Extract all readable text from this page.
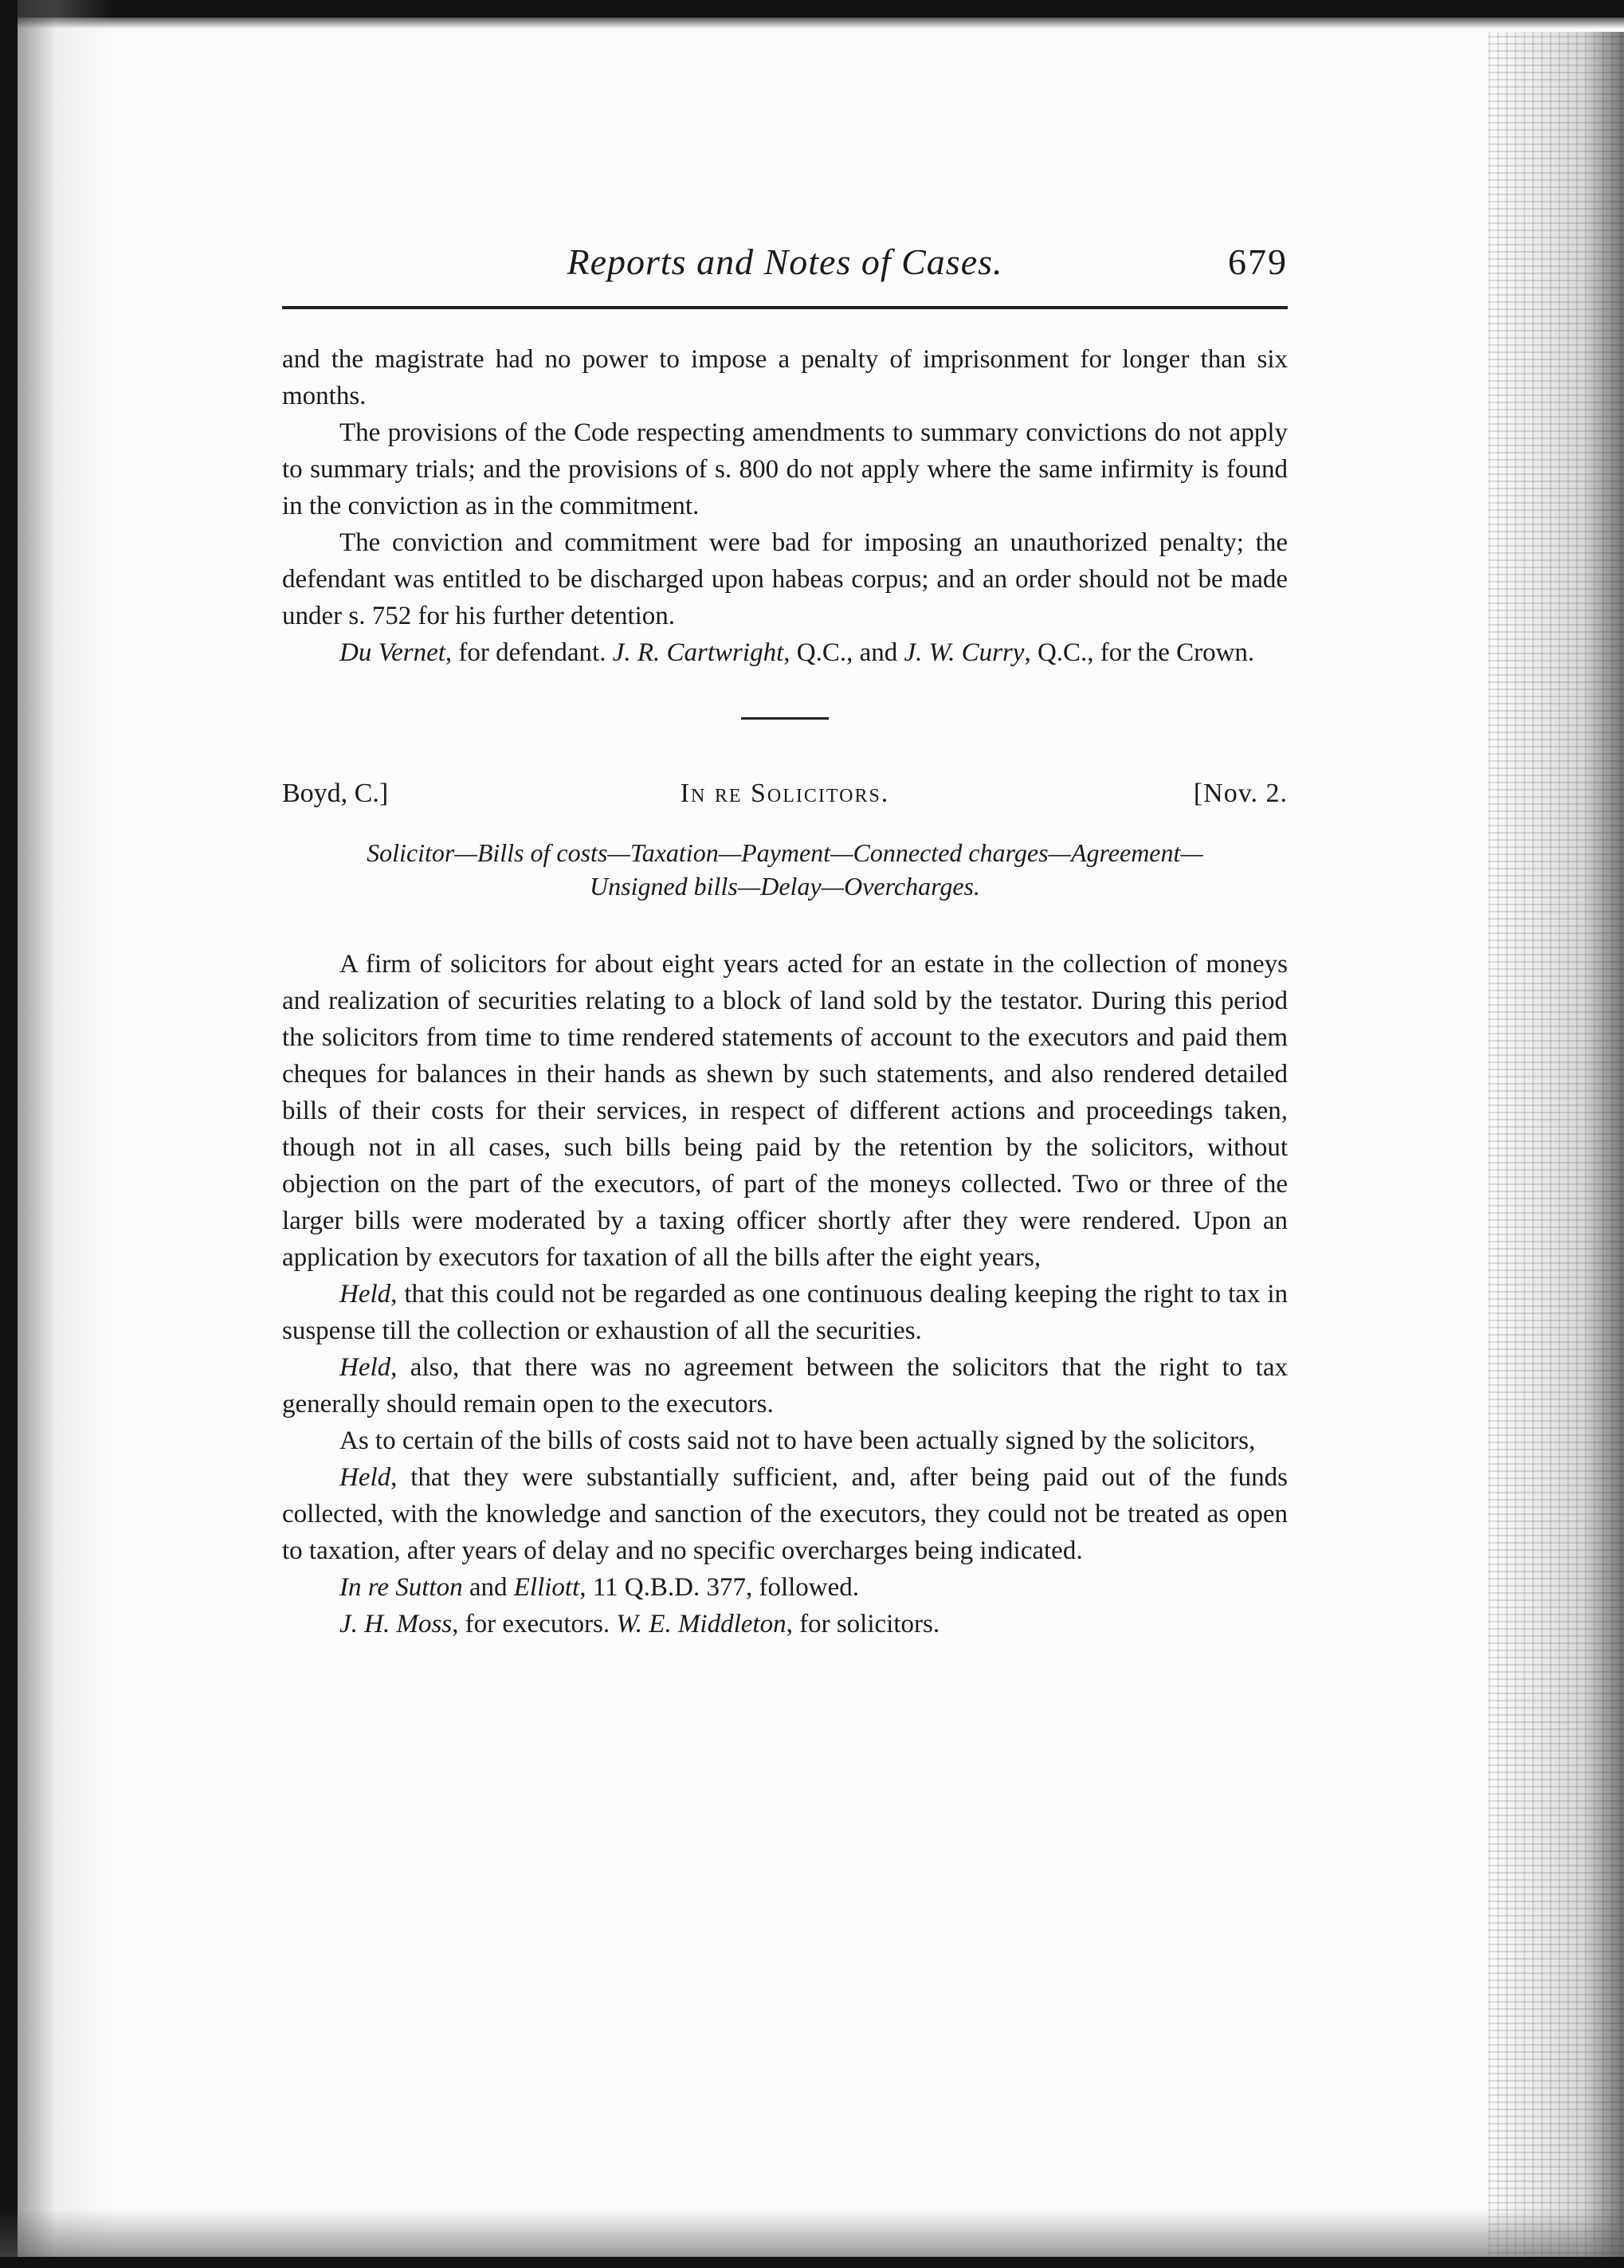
Reports and Notes of Cases.	679

and the magistrate had no power to impose a penalty of imprisonment for longer than six months.

The provisions of the Code respecting amendments to summary convictions do not apply to summary trials; and the provisions of s. 800 do not apply where the same infirmity is found in the conviction as in the commitment.

The conviction and commitment were bad for imposing an unauthorized penalty; the defendant was entitled to be discharged upon habeas corpus; and an order should not be made under s. 752 for his further detention.

Du Vernet, for defendant. J. R. Cartwright, Q.C., and J. W. Curry, Q.C., for the Crown.

Boyd, C.]	In re Solicitors.	[Nov. 2.
Solicitor—Bills of costs—Taxation—Payment—Connected charges—Agreement—
Unsigned bills—Delay—Overcharges.

A firm of solicitors for about eight years acted for an estate in the collection of moneys and realization of securities relating to a block of land sold by the testator. During this period the solicitors from time to time rendered statements of account to the executors and paid them cheques for balances in their hands as shewn by such statements, and also rendered detailed bills of their costs for their services, in respect of different actions and proceedings taken, though not in all cases, such bills being paid by the retention by the solicitors, without objection on the part of the executors, of part of the moneys collected. Two or three of the larger bills were moderated by a taxing officer shortly after they were rendered. Upon an application by executors for taxation of all the bills after the eight years,

Held, that this could not be regarded as one continuous dealing keeping the right to tax in suspense till the collection or exhaustion of all the securities.

Held, also, that there was no agreement between the solicitors that the right to tax generally should remain open to the executors.

As to certain of the bills of costs said not to have been actually signed by the solicitors,

Held, that they were substantially sufficient, and, after being paid out of the funds collected, with the knowledge and sanction of the executors, they could not be treated as open to taxation, after years of delay and no specific overcharges being indicated.

In re Sutton and Elliott, 11 Q.B.D. 377, followed.

J. H. Moss, for executors. W. E. Middleton, for solicitors.
